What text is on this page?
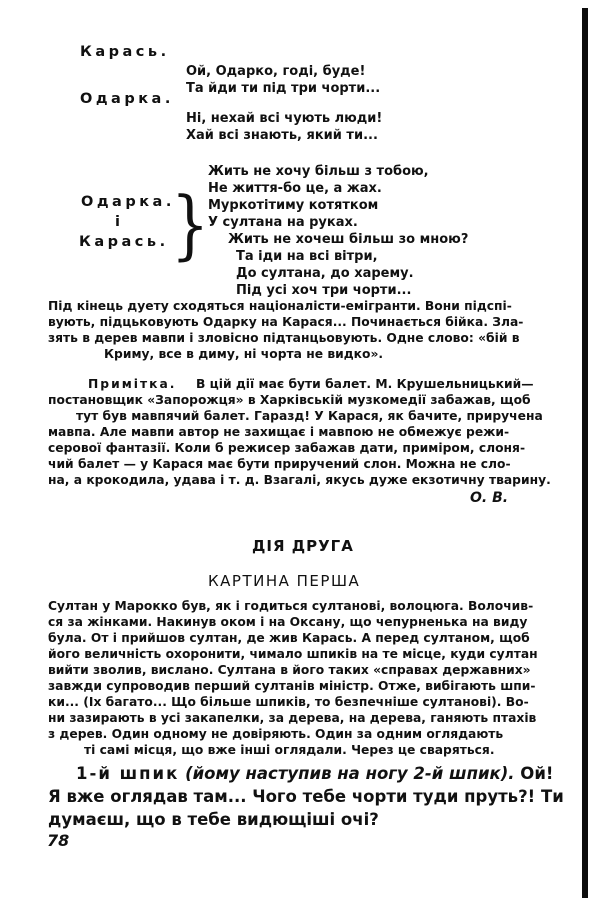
Карась.
Ой, Одарко, годі, буде!
Та йди ти під три чорти...
Одарка.
Ні, нехай всі чують люди!
Хай всі знають, який ти...
Одарка.
і
Карась. }
Жить не хочу більш з тобою,
Не життя-бо це, а жах.
Муркотітиму котятком
У султана на руках.
Жить не хочеш більш зо мною?
Та іди на всі вітри,
До султана, до харему.
Під усі хоч три чорти...
Під кінець дуету сходяться націоналісти-емігранти. Вони підспі-
вують, підцьковують Одарку на Карася... Починається бійка. Зла-
зять в дерев мавпи і зловісно підтанцьовують. Одне слово: «бій в
Криму, все в диму, ні чорта не видко».
Примітка. В цій дії має бути балет. М. Крушельницький—
постановщик «Запорожця» в Харківській музкомедії забажав, щоб
тут був мавпячий балет. Гаразд! У Карася, як бачите, приручена
мавпа. Але мавпи автор не захищає і мавпою не обмежує режи-
серової фантазії. Коли б режисер забажав дати, приміром, слоня-
чий балет — у Карася має бути приручений слон. Можна не сло-
на, а крокодила, удава і т. д. Взагалі, якусь дуже екзотичну тварину.
О. В.
ДІЯ ДРУГА
КАРТИНА ПЕРША
Султан у Марокко був, як і годиться султанові, волоцюга. Волочив-
ся за жінками. Накинув оком і на Оксану, що чепурненька на виду
була. От і прийшов султан, де жив Карась. А перед султаном, щоб
його величність охоронити, чимало шпиків на те місце, куди султан
вийти зволив, вислано. Султана в його таких «справах державних»
завжди супроводив перший султанів міністр. Отже, вибігають шпи-
ки... (Іх багато... Що більше шпиків, то безпечніше султанові). Во-
ни зазирають в усі закапелки, за дерева, на дерева, ганяють птахів
з дерев. Один одному не довіряють. Один за одним оглядають
ті самі місця, що вже інші оглядали. Через це сваряться.
1-й шпик (йому наступив на ногу 2-й шпик). Ой!
Я вже оглядав там... Чого тебе чорти туди пруть?! Ти
думаєш, що в тебе видющіші очі?
78
